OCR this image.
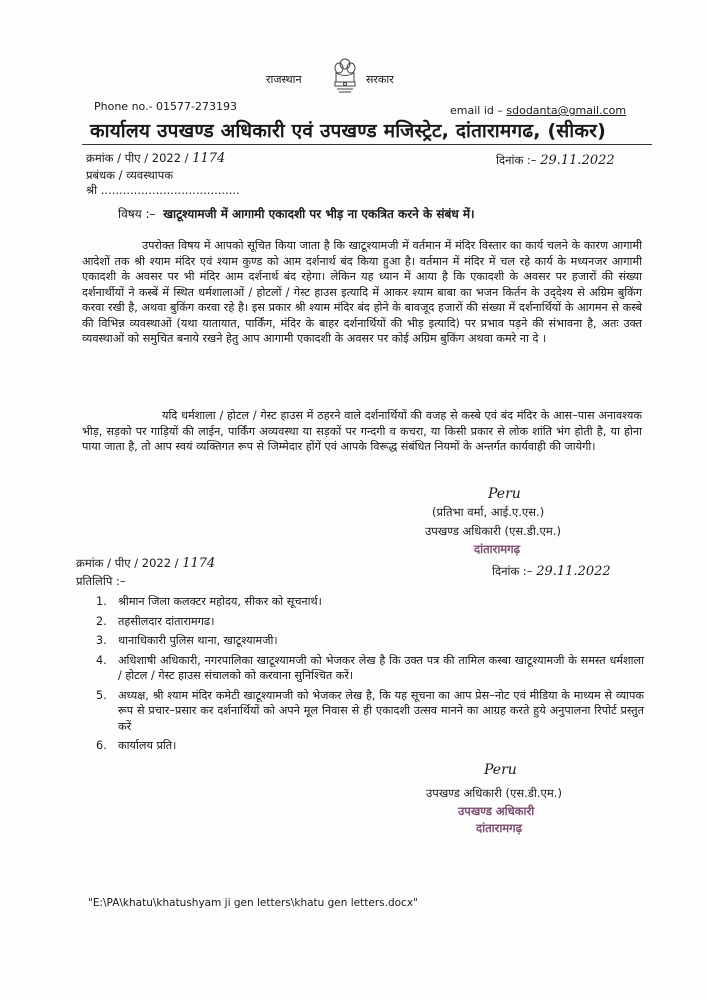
राजस्थान	सरकार
Phone no.- 01577-273193	email id – sdodanta@gmail.com
कार्यालय उपखण्ड अधिकारी एवं उपखण्ड मजिस्ट्रेट, दांतारामगढ, (सीकर)
क्रमांक / पीए / 2022 / 1174	दिनांक :– 29.11.2022
प्रबंधक / व्यवस्थापक
श्री ......................................
विषय :– खाटूश्यामजी में आगामी एकादशी पर भीड़ ना एकत्रित करने के संबंध में।
उपरोक्त विषय में आपको सूचित किया जाता है कि खाटूश्यामजी में वर्तमान में मंदिर विस्तार का कार्य चलने के कारण आगामी आदेशों तक श्री श्याम मंदिर एवं श्याम कुण्ड को आम दर्शनार्थ बंद किया हुआ है। वर्तमान में मंदिर में चल रहे कार्य के मध्यनजर आगामी एकादशी के अवसर पर भी मंदिर आम दर्शनार्थ बंद रहेगा। लेकिन यह ध्यान में आया है कि एकादशी के अवसर पर हजारों की संख्या दर्शनार्थीयों ने कस्बें में स्थित धर्मशालाओं / होटलों / गेस्ट हाउस इत्यादि में आकर श्याम बाबा का भजन किर्तन के उद्‌देश्य से अग्रिम बुकिंग करवा रखी है, अथवा बुकिंग करवा रहे है। इस प्रकार श्री श्याम मंदिर बंद होने के बावजूद हजारों की संख्या में दर्शनार्थियों के आगमन से कस्बे की विभिन्न व्यवस्थाओं (यथा यातायात, पार्किंग, मंदिर के बाहर दर्शनार्थियों की भीड़ इत्यादि) पर प्रभाव पड़ने की संभावना है, अतः उक्त व्यवस्थाओं को समुचित बनाये रखने हेतु आप आगामी एकादशी के अवसर पर कोई अग्रिम बुकिंग अथवा कमरे ना दे ।
यदि धर्मशाला / होटल / गेस्ट हाउस में ठहरने वाले दर्शनार्थियों की वजह से कस्बे एवं बंद मंदिर के आस–पास अनावश्यक भीड़, सड़को पर गाड़ियों की लाईन, पार्किंग अव्यवस्था या सड़कों पर गन्दगी व कचरा, या किसी प्रकार से लोक शांति भंग होती है, या होना पाया जाता है, तो आप स्वयं व्यक्तिगत रूप से जिम्मेदार होंगें एवं आपके विरूद्ध संबंधित नियमों के अन्तर्गत कार्यवाही की जायेगी।
Peru
(प्रतिभा वर्मा, आई.ए.एस.)
उपखण्ड अधिकारी (एस.डी.एम.)
दांतारामगढ़
क्रमांक / पीए / 2022 / 1174	दिनांक :– 29.11.2022
प्रतिलिपि :–
1. श्रीमान जिला कलक्टर महोदय, सीकर को सूचनार्थ।
2. तहसीलदार दांतारामगढ।
3. थानाधिकारी पुलिस थाना, खाटूश्यामजी।
4. अधिशाषी अधिकारी, नगरपालिका खाटूश्यामजी को भेजकर लेख है कि उक्त पत्र की तामिल कस्बा खाटूश्यामजी के समस्त धर्मशाला / होटल / गेस्ट हाउस संचालको को करवाना सुनिश्चित करें।
5. अध्यक्ष, श्री श्याम मंदिर कमेटी खाटूश्यामजी को भेजकर लेख है, कि यह सूचना का आप प्रेस–नोट एवं मीडिया के माध्यम से व्यापक रूप से प्रचार–प्रसार कर दर्शनार्थियों को अपने मूल निवास से ही एकादशी उत्सव मानने का आग्रह करते हुये अनुपालना रिपोर्ट प्रस्तुत करें
6. कार्यालय प्रति।
Peru
उपखण्ड अधिकारी (एस.डी.एम.)
उपखण्ड अधिकारी
दांतारामगढ़
"E:\PA\khatu\khatushyam ji gen letters\khatu gen letters.docx"
